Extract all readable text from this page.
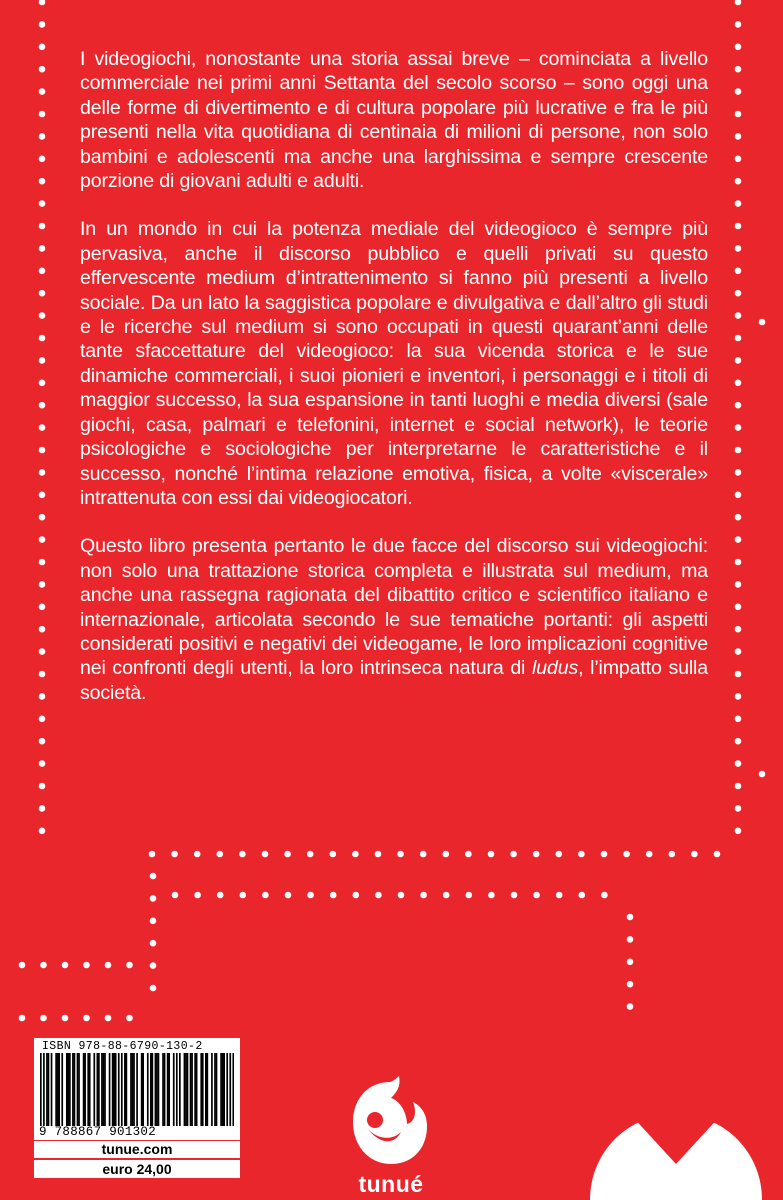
I videogiochi, nonostante una storia assai breve – cominciata a livello commerciale nei primi anni Settanta del secolo scorso – sono oggi una delle forme di divertimento e di cultura popolare più lucrative e fra le più presenti nella vita quotidiana di centinaia di milioni di persone, non solo bambini e adolescenti ma anche una larghissima e sempre crescente porzione di giovani adulti e adulti.

In un mondo in cui la potenza mediale del videogioco è sempre più pervasiva, anche il discorso pubblico e quelli privati su questo effervescente medium d’intrattenimento si fanno più presenti a livello sociale. Da un lato la saggistica popolare e divulgativa e dall’altro gli studi e le ricerche sul medium si sono occupati in questi quarant’anni delle tante sfaccettature del videogioco: la sua vicenda storica e le sue dinamiche commerciali, i suoi pionieri e inventori, i personaggi e i titoli di maggior successo, la sua espansione in tanti luoghi e media diversi (sale giochi, casa, palmari e telefonini, internet e social network), le teorie psicologiche e sociologiche per interpretarne le caratteristiche e il successo, nonché l’intima relazione emotiva, fisica, a volte «viscerale» intrattenuta con essi dai videogiocatori.

Questo libro presenta pertanto le due facce del discorso sui videogiochi: non solo una trattazione storica completa e illustrata sul medium, ma anche una rassegna ragionata del dibattito critico e scientifico italiano e internazionale, articolata secondo le sue tematiche portanti: gli aspetti considerati positivi e negativi dei videogame, le loro implicazioni cognitive nei confronti degli utenti, la loro intrinseca natura di ludus, l’impatto sulla società.

ISBN 978-88-6790-130-2
9 788867 901302
tunue.com
euro 24,00
tunué
